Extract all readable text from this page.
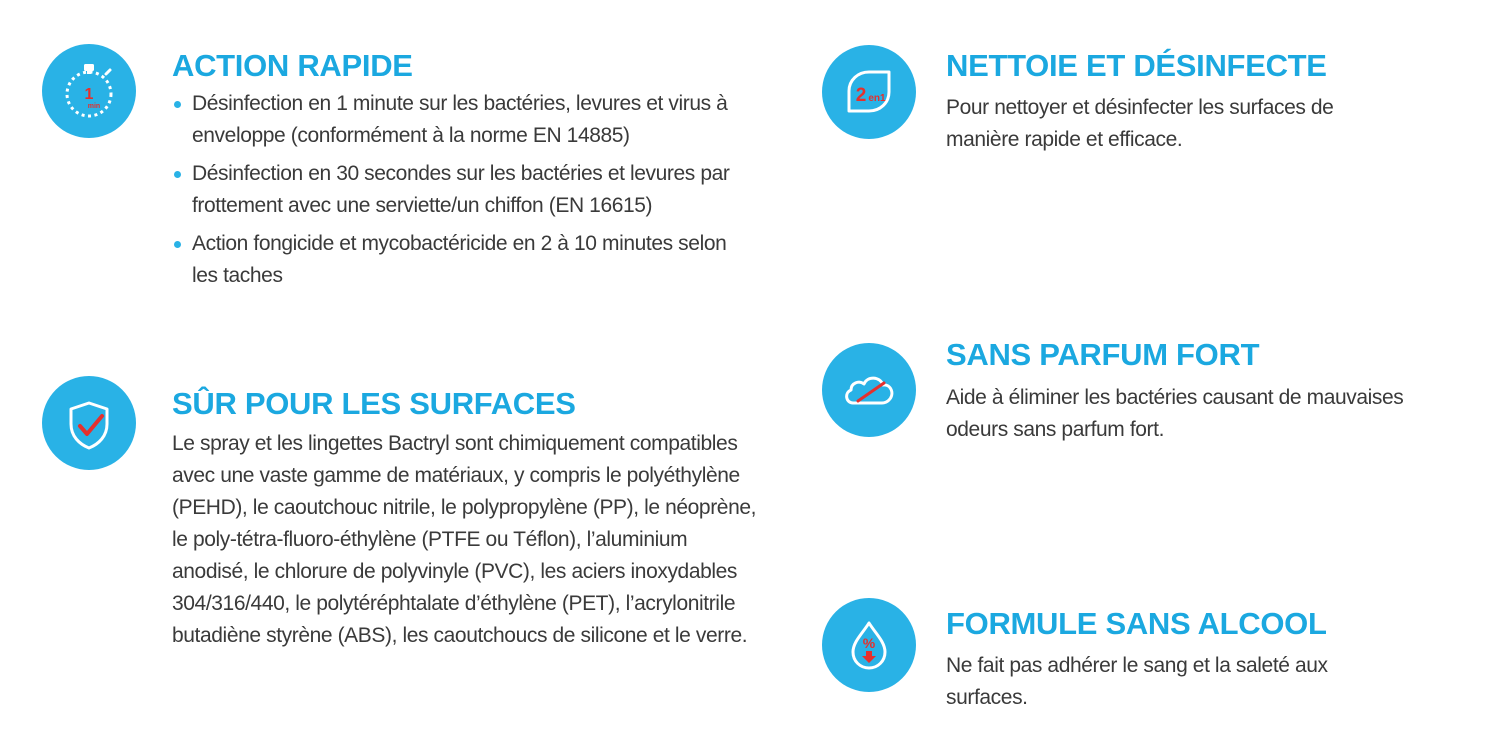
1
min
ACTION RAPIDE
Désinfection en 1 minute sur les bactéries, levures et virus à enveloppe (conformément à la norme EN 14885)
Désinfection en 30 secondes sur les bactéries et levures par frottement avec une serviette/un chiffon (EN 16615)
Action fongicide et mycobactéricide en 2 à 10 minutes selon les taches
SÛR POUR LES SURFACES

Le spray et les lingettes Bactryl sont chimiquement compatibles avec une vaste gamme de matériaux, y compris le polyéthylène (PEHD), le caoutchouc nitrile, le polypropylène (PP), le néoprène, le poly-tétra-fluoro-éthylène (PTFE ou Téflon), l’aluminium anodisé, le chlorure de polyvinyle (PVC), les aciers inoxydables 304/316/440, le polytéréphtalate d’éthylène (PET), l’acrylonitrile butadiène styrène (ABS), les caoutchoucs de silicone et le verre.

2 en1
NETTOIE ET DÉSINFECTE

Pour nettoyer et désinfecter les surfaces de manière rapide et efficace.

SANS PARFUM FORT

Aide à éliminer les bactéries causant de mauvaises odeurs sans parfum fort.

%
FORMULE SANS ALCOOL

Ne fait pas adhérer le sang et la saleté aux surfaces.
